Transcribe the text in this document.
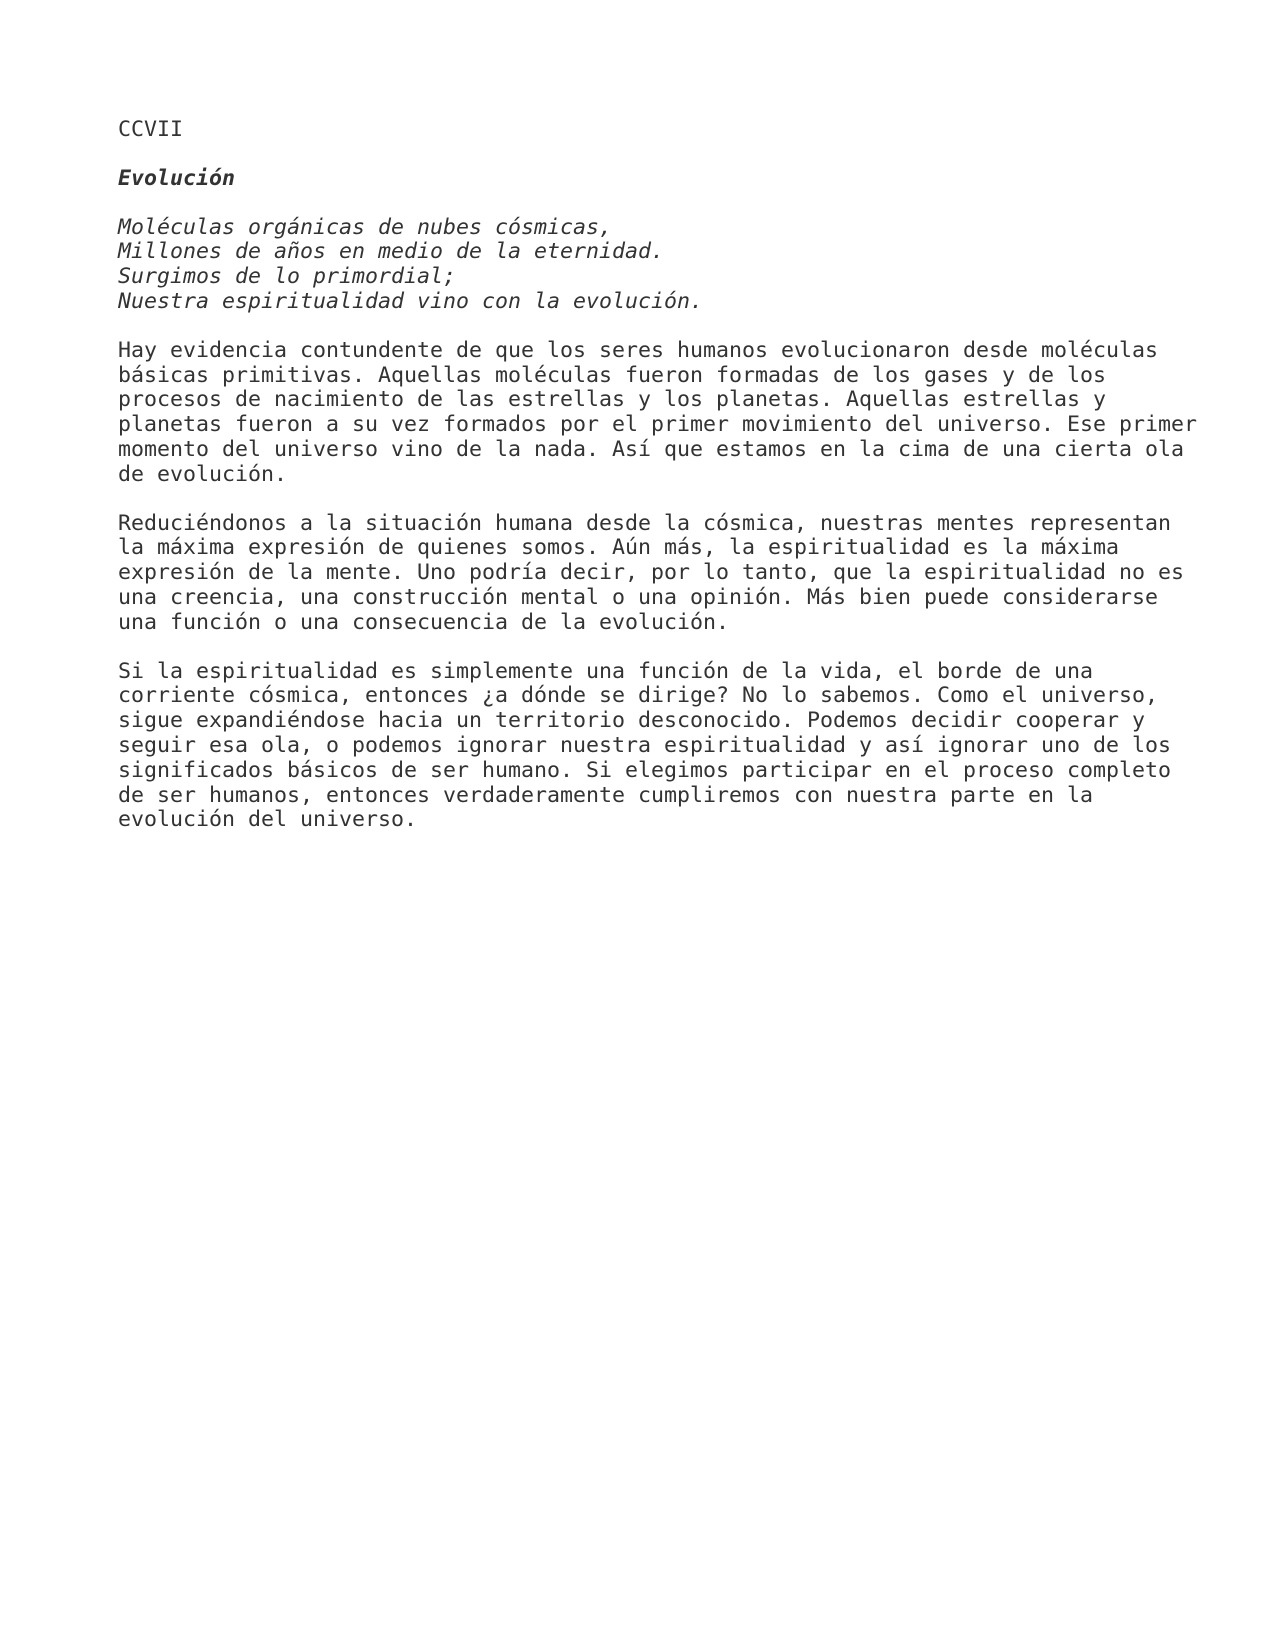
CCVII

Evolución

Moléculas orgánicas de nubes cósmicas,
Millones de años en medio de la eternidad.
Surgimos de lo primordial;
Nuestra espiritualidad vino con la evolución.

Hay evidencia contundente de que los seres humanos evolucionaron desde moléculas
básicas primitivas. Aquellas moléculas fueron formadas de los gases y de los
procesos de nacimiento de las estrellas y los planetas. Aquellas estrellas y
planetas fueron a su vez formados por el primer movimiento del universo. Ese primer
momento del universo vino de la nada. Así que estamos en la cima de una cierta ola
de evolución.

Reduciéndonos a la situación humana desde la cósmica, nuestras mentes representan
la máxima expresión de quienes somos. Aún más, la espiritualidad es la máxima
expresión de la mente. Uno podría decir, por lo tanto, que la espiritualidad no es
una creencia, una construcción mental o una opinión. Más bien puede considerarse
una función o una consecuencia de la evolución.

Si la espiritualidad es simplemente una función de la vida, el borde de una
corriente cósmica, entonces ¿a dónde se dirige? No lo sabemos. Como el universo,
sigue expandiéndose hacia un territorio desconocido. Podemos decidir cooperar y
seguir esa ola, o podemos ignorar nuestra espiritualidad y así ignorar uno de los
significados básicos de ser humano. Si elegimos participar en el proceso completo
de ser humanos, entonces verdaderamente cumpliremos con nuestra parte en la
evolución del universo.
